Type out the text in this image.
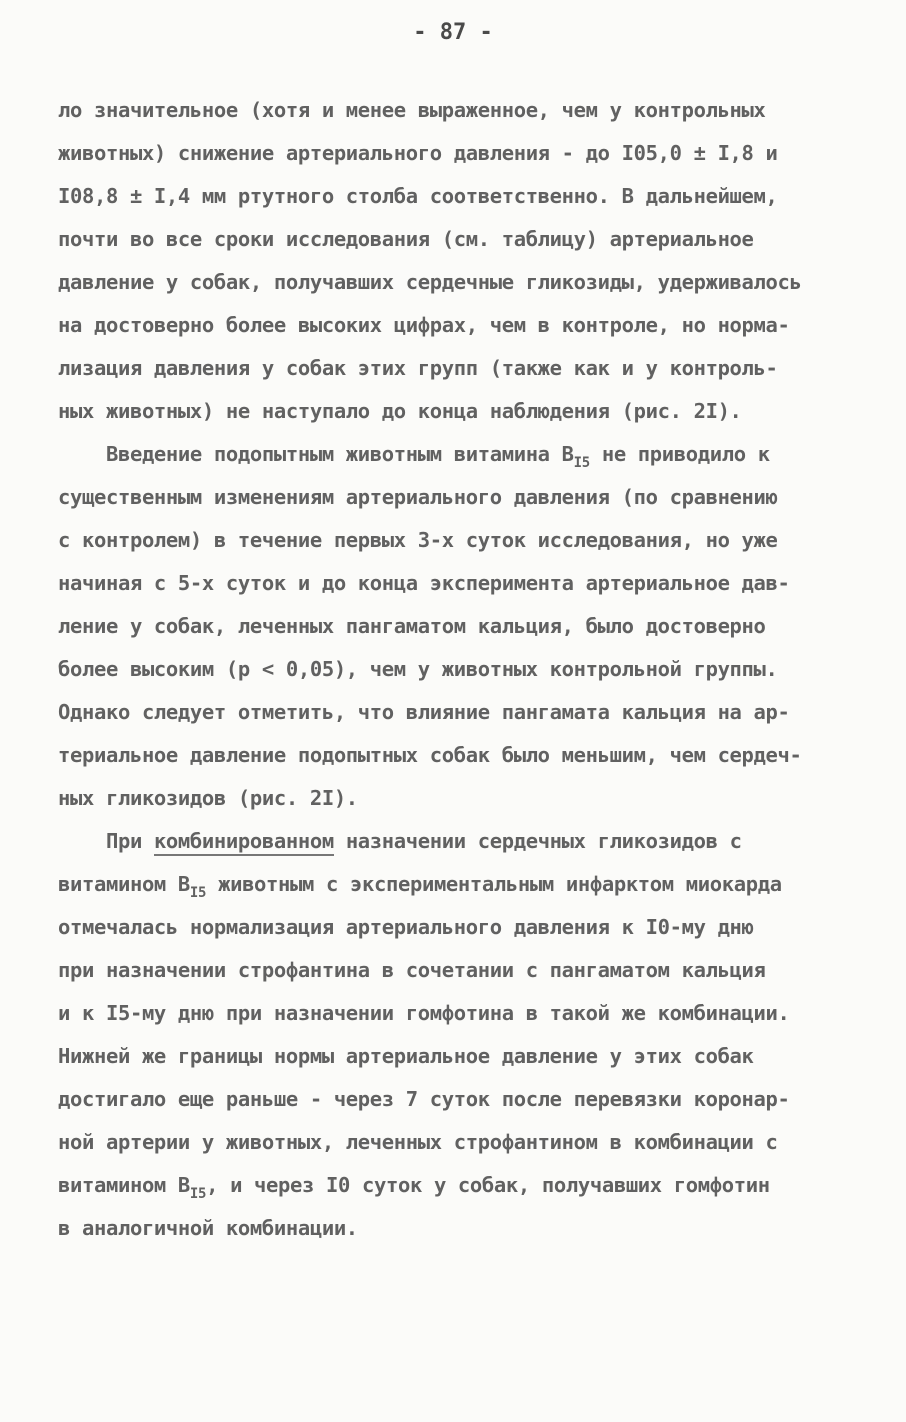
- 87 -
ло значительное (хотя и менее выраженное, чем у контрольных
животных) снижение артериального давления - до I05,0 ± I,8 и
I08,8 ± I,4 мм ртутного столба соответственно. В дальнейшем,
почти во все сроки исследования (см. таблицу) артериальное
давление у собак, получавших сердечные гликозиды, удерживалось
на достоверно более высоких цифрах, чем в контроле, но норма-
лизация давления у собак этих групп (также как и у контроль-
ных животных) не наступало до конца наблюдения (рис. 2I).
Введение подопытным животным витамина $B_{I5}$ не приводило к
существенным изменениям артериального давления (по сравнению
с контролем) в течение первых 3-х суток исследования, но уже
начиная с 5-х суток и до конца эксперимента артериальное дав-
ление у собак, леченных пангаматом кальция, было достоверно
более высоким (р < 0,05), чем у животных контрольной группы.
Однако следует отметить, что влияние пангамата кальция на ар-
териальное давление подопытных собак было меньшим, чем сердеч-
ных гликозидов (рис. 2I).
При комбинированном назначении сердечных гликозидов с
витамином $B_{I5}$ животным с экспериментальным инфарктом миокарда
отмечалась нормализация артериального давления к I0-му дню
при назначении строфантина в сочетании с пангаматом кальция
и к I5-му дню при назначении гомфотина в такой же комбинации.
Нижней же границы нормы артериальное давление у этих собак
достигало еще раньше - через 7 суток после перевязки коронар-
ной артерии у животных, леченных строфантином в комбинации с
витамином $B_{I5}$, и через I0 суток у собак, получавших гомфотин
в аналогичной комбинации.
